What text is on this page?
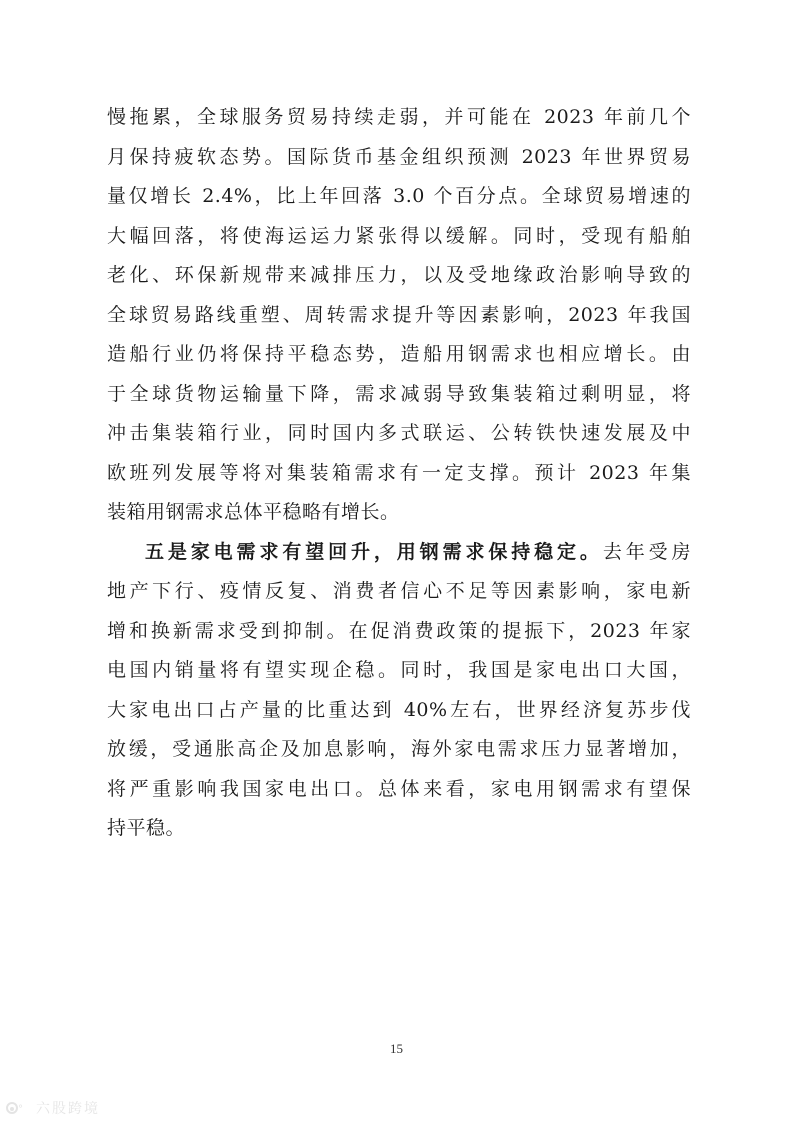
慢拖累，全球服务贸易持续走弱，并可能在 2023 年前几个
月保持疲软态势。国际货币基金组织预测 2023 年世界贸易
量仅增长 2.4%，比上年回落 3.0 个百分点。全球贸易增速的
大幅回落，将使海运运力紧张得以缓解。同时，受现有船舶
老化、环保新规带来减排压力，以及受地缘政治影响导致的
全球贸易路线重塑、周转需求提升等因素影响，2023 年我国
造船行业仍将保持平稳态势，造船用钢需求也相应增长。由
于全球货物运输量下降，需求减弱导致集装箱过剩明显，将
冲击集装箱行业，同时国内多式联运、公转铁快速发展及中
欧班列发展等将对集装箱需求有一定支撑。预计 2023 年集
装箱用钢需求总体平稳略有增长。
五是家电需求有望回升，用钢需求保持稳定。去年受房
地产下行、疫情反复、消费者信心不足等因素影响，家电新
增和换新需求受到抑制。在促消费政策的提振下，2023 年家
电国内销量将有望实现企稳。同时，我国是家电出口大国，
大家电出口占产量的比重达到 40%左右，世界经济复苏步伐
放缓，受通胀高企及加息影响，海外家电需求压力显著增加，
将严重影响我国家电出口。总体来看，家电用钢需求有望保
持平稳。
15
° 六股跨境
